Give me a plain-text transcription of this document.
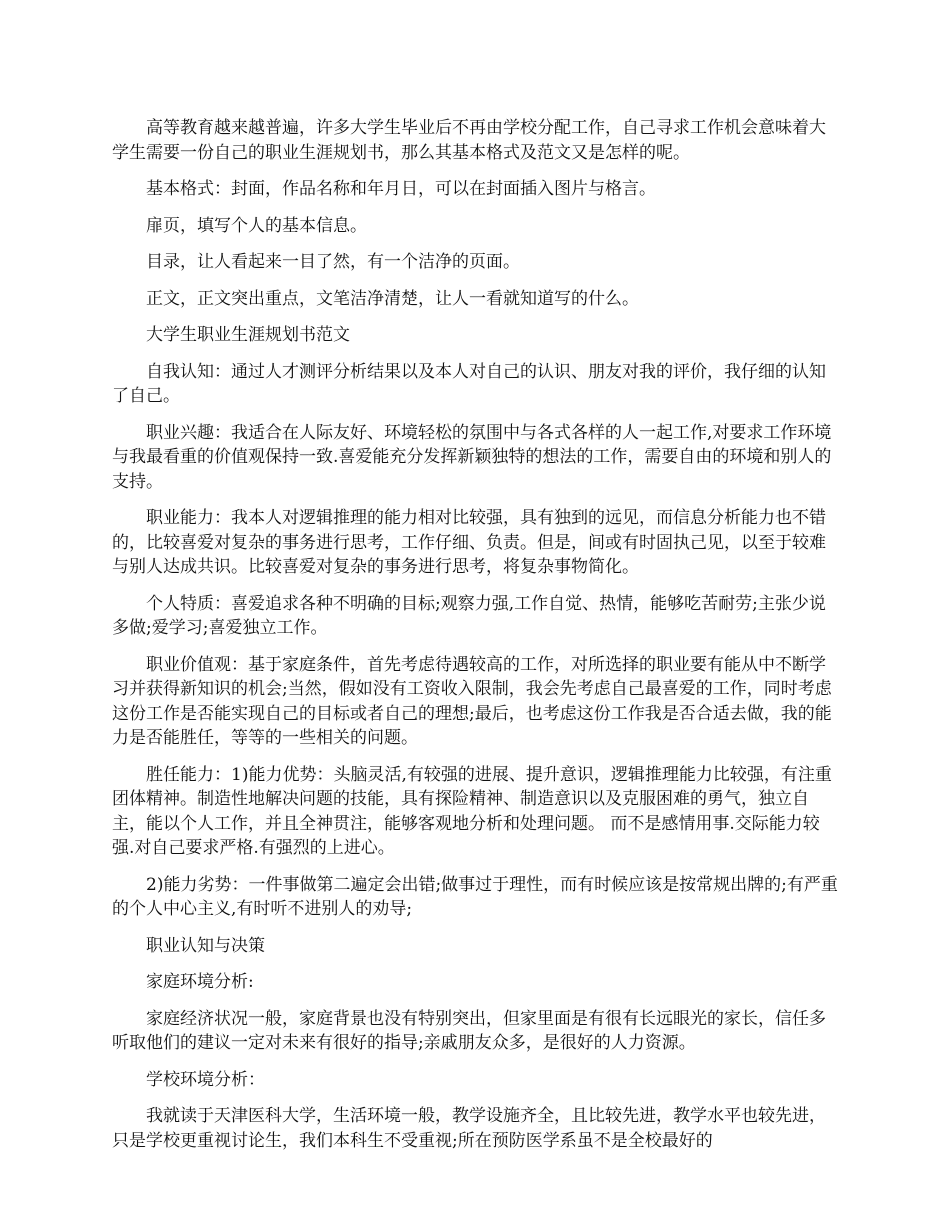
高等教育越来越普遍，许多大学生毕业后不再由学校分配工作，自己寻求工作机会意味着大学生需要一份自己的职业生涯规划书，那么其基本格式及范文又是怎样的呢。

基本格式：封面，作品名称和年月日，可以在封面插入图片与格言。

扉页，填写个人的基本信息。

目录，让人看起来一目了然，有一个洁净的页面。

正文，正文突出重点，文笔洁净清楚，让人一看就知道写的什么。

大学生职业生涯规划书范文

自我认知：通过人才测评分析结果以及本人对自己的认识、朋友对我的评价，我仔细的认知了自己。

职业兴趣：我适合在人际友好、环境轻松的氛围中与各式各样的人一起工作,对要求工作环境与我最看重的价值观保持一致.喜爱能充分发挥新颖独特的想法的工作，需要自由的环境和别人的支持。

职业能力：我本人对逻辑推理的能力相对比较强，具有独到的远见，而信息分析能力也不错的，比较喜爱对复杂的事务进行思考，工作仔细、负责。但是，间或有时固执己见，以至于较难与别人达成共识。比较喜爱对复杂的事务进行思考，将复杂事物简化。

个人特质：喜爱追求各种不明确的目标;观察力强,工作自觉、热情，能够吃苦耐劳;主张少说多做;爱学习;喜爱独立工作。

职业价值观：基于家庭条件，首先考虑待遇较高的工作，对所选择的职业要有能从中不断学习并获得新知识的机会;当然，假如没有工资收入限制，我会先考虑自己最喜爱的工作，同时考虑这份工作是否能实现自己的目标或者自己的理想;最后，也考虑这份工作我是否合适去做，我的能力是否能胜任，等等的一些相关的问题。

胜任能力：1)能力优势：头脑灵活,有较强的进展、提升意识，逻辑推理能力比较强，有注重团体精神。制造性地解决问题的技能，具有探险精神、制造意识以及克服困难的勇气，独立自主，能以个人工作，并且全神贯注，能够客观地分析和处理问题。 而不是感情用事.交际能力较强.对自己要求严格.有强烈的上进心。

2)能力劣势：一件事做第二遍定会出错;做事过于理性，而有时候应该是按常规出牌的;有严重的个人中心主义,有时听不进别人的劝导;

职业认知与决策

家庭环境分析:

家庭经济状况一般，家庭背景也没有特别突出，但家里面是有很有长远眼光的家长，信任多听取他们的建议一定对未来有很好的指导;亲戚朋友众多，是很好的人力资源。

学校环境分析：

我就读于天津医科大学，生活环境一般，教学设施齐全，且比较先进，教学水平也较先进，只是学校更重视讨论生，我们本科生不受重视;所在预防医学系虽不是全校最好的
